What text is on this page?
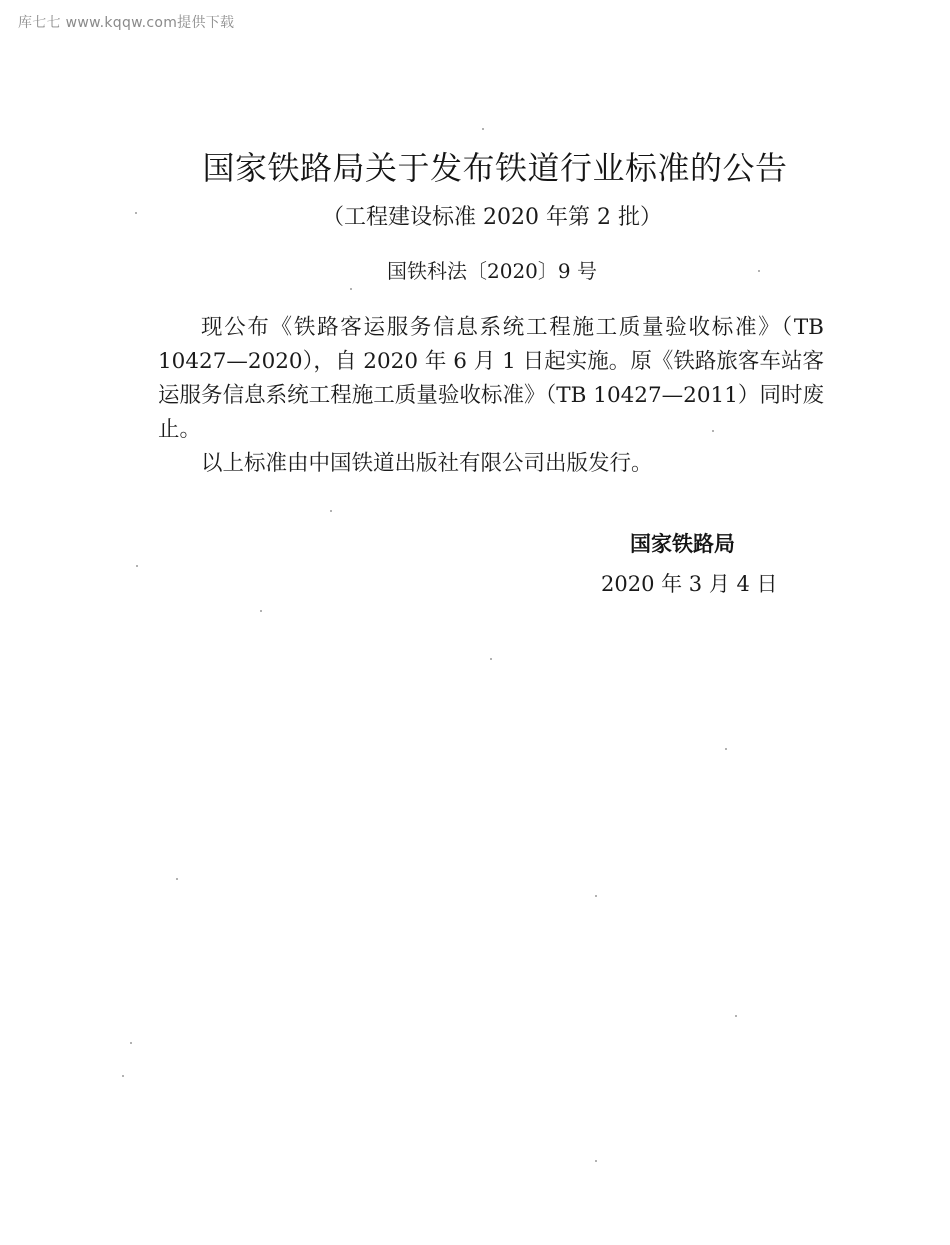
库七七 www.kqqw.com提供下载
国家铁路局关于发布铁道行业标准的公告
（工程建设标准 2020 年第 2 批）
国铁科法〔2020〕9 号

现公布《铁路客运服务信息系统工程施工质量验收标准》（TB 10427—2020），自 2020 年 6 月 1 日起实施。原《铁路旅客车站客运服务信息系统工程施工质量验收标准》（TB 10427—2011）同时废止。

以上标准由中国铁道出版社有限公司出版发行。

国家铁路局
2020 年 3 月 4 日
